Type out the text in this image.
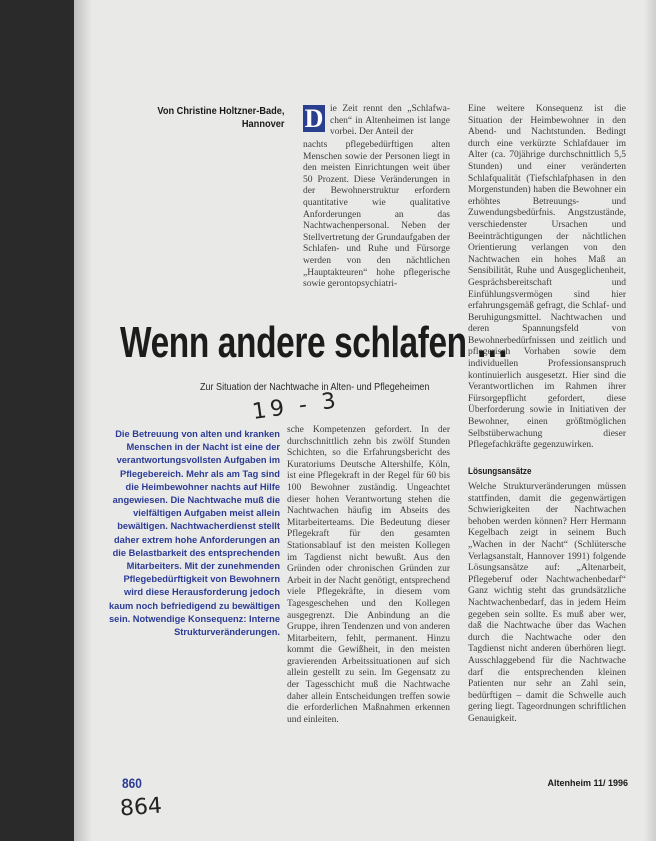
Von Christine Holtzner-Bade,
Hannover D ie Zeit rennt den „Schlafwa-chen“ in Altenheimen ist lange vorbei. Der Anteil der

nachts pflegebedürftigen alten Menschen sowie der Personen liegt in den meisten Einrichtungen weit über 50 Prozent. Diese Veränderungen in der Bewohnerstruktur erfordern quantitative wie qualitative Anforderungen an das Nachtwachenpersonal. Neben der Stellvertretung der Grundaufgaben der Schlafen- und Ruhe und Fürsorge werden von den nächtlichen „Hauptakteuren“ hohe pflegerische sowie gerontopsychiatri-

Eine weitere Konsequenz ist die Situation der Heimbewohner in den Abend- und Nachtstunden. Bedingt durch eine verkürzte Schlafdauer im Alter (ca. 70jährige durchschnittlich 5,5 Stunden) und einer veränderten Schlafqualität (Tiefschlafphasen in den Morgenstunden) haben die Bewohner ein erhöhtes Betreuungs- und Zuwendungsbedürfnis. Angstzustände, verschiedenster Ursachen und Beeinträchtigungen der nächtlichen Orientierung verlangen von den Nachtwachen ein hohes Maß an Sensibilität, Ruhe und Ausgeglichenheit, Gesprächsbereitschaft und Einfühlungsvermögen sind hier erfahrungsgemäß gefragt, die Schlaf- und Beruhigungsmittel. Nachtwachen und deren Spannungsfeld von Bewohnerbedürfnissen und zeitlich und pflegerisch Vorhaben sowie dem individuellen Professionsanspruch kontinuierlich ausgesetzt. Hier sind die Verantwortlichen im Rahmen ihrer Fürsorgepflicht gefordert, diese Überforderung sowie in Initiativen der Bewohner, einen größtmöglichen Selbstüberwachung dieser Pflegefachkräfte gegenzuwirken.

Wenn andere schlafen …
Zur Situation der Nachtwache in Alten- und Pflegeheimen
19 - 3
Die Betreuung von alten und kranken Menschen in der Nacht ist eine der verantwortungsvollsten Aufgaben im Pflegebereich. Mehr als am Tag sind die Heimbewohner nachts auf Hilfe angewiesen. Die Nachtwache muß die vielfältigen Aufgaben meist allein bewältigen. Nachtwacherdienst stellt daher extrem hohe Anforderungen an die Belastbarkeit des entsprechenden Mitarbeiters. Mit der zunehmenden Pflegebedürftigkeit von Bewohnern wird diese Herausforderung jedoch kaum noch befriedigend zu bewältigen sein. Notwendige Konsequenz: Interne Strukturveränderungen.

sche Kompetenzen gefordert. In der durchschnittlich zehn bis zwölf Stunden Schichten, so die Erfahrungsbericht des Kuratoriums Deutsche Altershilfe, Köln, ist eine Pflegekraft in der Regel für 60 bis 100 Bewohner zuständig. Ungeachtet dieser hohen Verantwortung stehen die Nachtwachen häufig im Abseits des Mitarbeiterteams. Die Bedeutung dieser Pflegekraft für den gesamten Stationsablauf ist den meisten Kollegen im Tagdienst nicht bewußt. Aus den Gründen oder chronischen Gründen zur Arbeit in der Nacht genötigt, entsprechend viele Pflegekräfte, in diesem vom Tagesgeschehen und den Kollegen ausgegrenzt. Die Anbindung an die Gruppe, ihren Tendenzen und von anderen Mitarbeitern, fehlt, permanent. Hinzu kommt die Gewißheit, in den meisten gravierenden Arbeitssituationen auf sich allein gestellt zu sein. Im Gegensatz zu der Tagesschicht muß die Nachtwache daher allein Entscheidungen treffen sowie die erforderlichen Maßnahmen erkennen und einleiten.

Lösungsansätze

Welche Strukturveränderungen müssen stattfinden, damit die gegenwärtigen Schwierigkeiten der Nachtwachen behoben werden können? Herr Hermann Kegelbach zeigt in seinem Buch „Wachen in der Nacht“ (Schlütersche Verlagsanstalt, Hannover 1991) folgende Lösungsansätze auf: „Altenarbeit, Pflegeberuf oder Nachtwachenbedarf“ Ganz wichtig steht das grundsätzliche Nachtwachenbedarf, das in jedem Heim gegeben sein sollte. Es muß aber wer, daß die Nachtwache über das Wachen durch die Nachtwache oder den Tagdienst nicht anderen überhören liegt. Ausschlaggebend für die Nachtwache darf die entsprechenden kleinen Patienten nur sehr an Zahl sein, bedürftigen – damit die Schwelle auch gering liegt. Tageordnungen schriftlichen Genauigkeit.

860
864
Altenheim 11/ 1996
